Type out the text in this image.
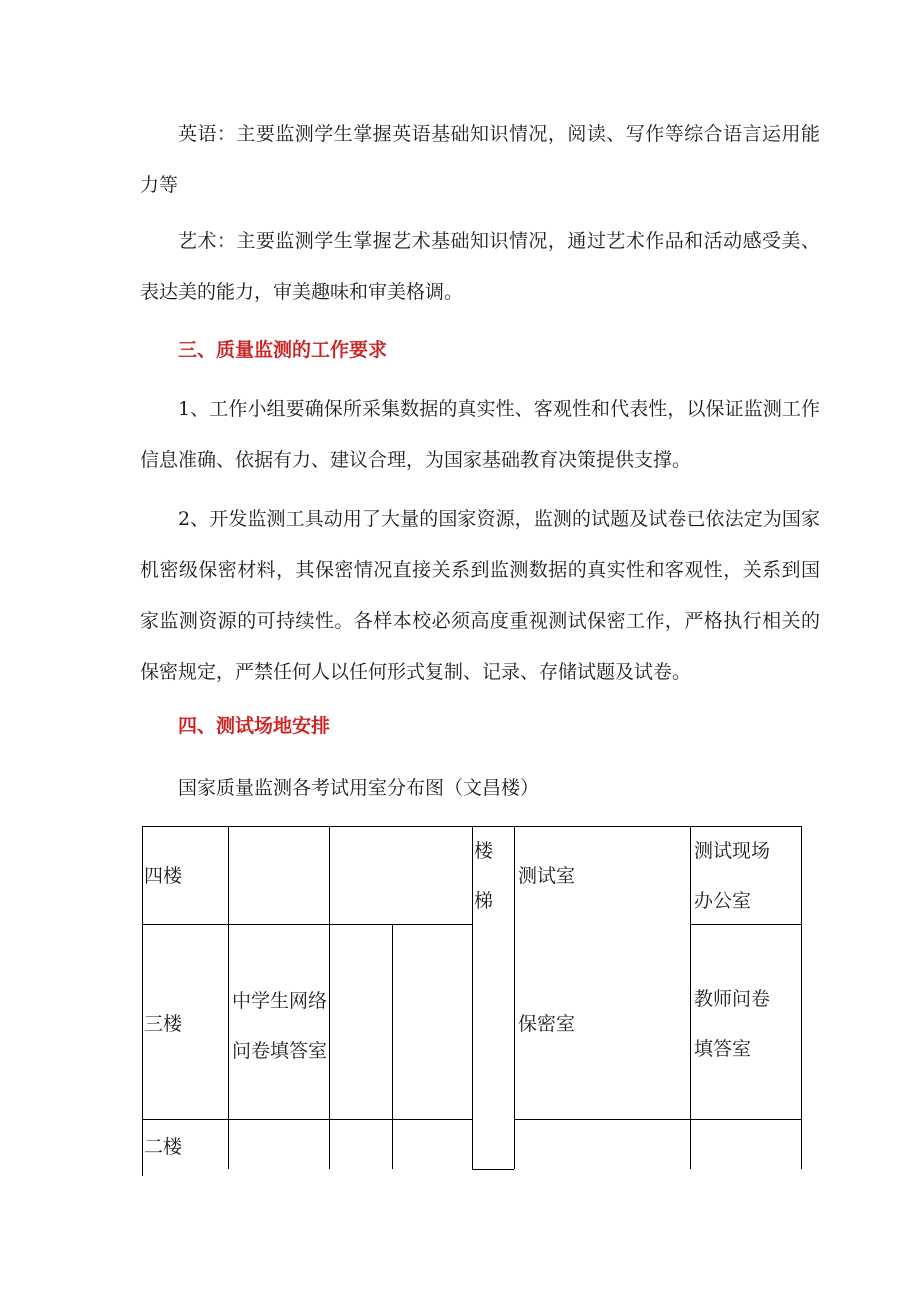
英语：主要监测学生掌握英语基础知识情况，阅读、写作等综合语言运用能力等

艺术：主要监测学生掌握艺术基础知识情况，通过艺术作品和活动感受美、表达美的能力，审美趣味和审美格调。

三、质量监测的工作要求

1、工作小组要确保所采集数据的真实性、客观性和代表性，以保证监测工作信息准确、依据有力、建议合理，为国家基础教育决策提供支撑。

2、开发监测工具动用了大量的国家资源，监测的试题及试卷已依法定为国家机密级保密材料，其保密情况直接关系到监测数据的真实性和客观性，关系到国家监测资源的可持续性。各样本校必须高度重视测试保密工作，严格执行相关的保密规定，严禁任何人以任何形式复制、记录、存储试题及试卷。

四、测试场地安排

国家质量监测各考试用室分布图（文昌楼）

四楼
楼
梯
测试室
测试现场
办公室
三楼
中学生网络
问卷填答室
保密室
教师问卷
填答室
二楼
